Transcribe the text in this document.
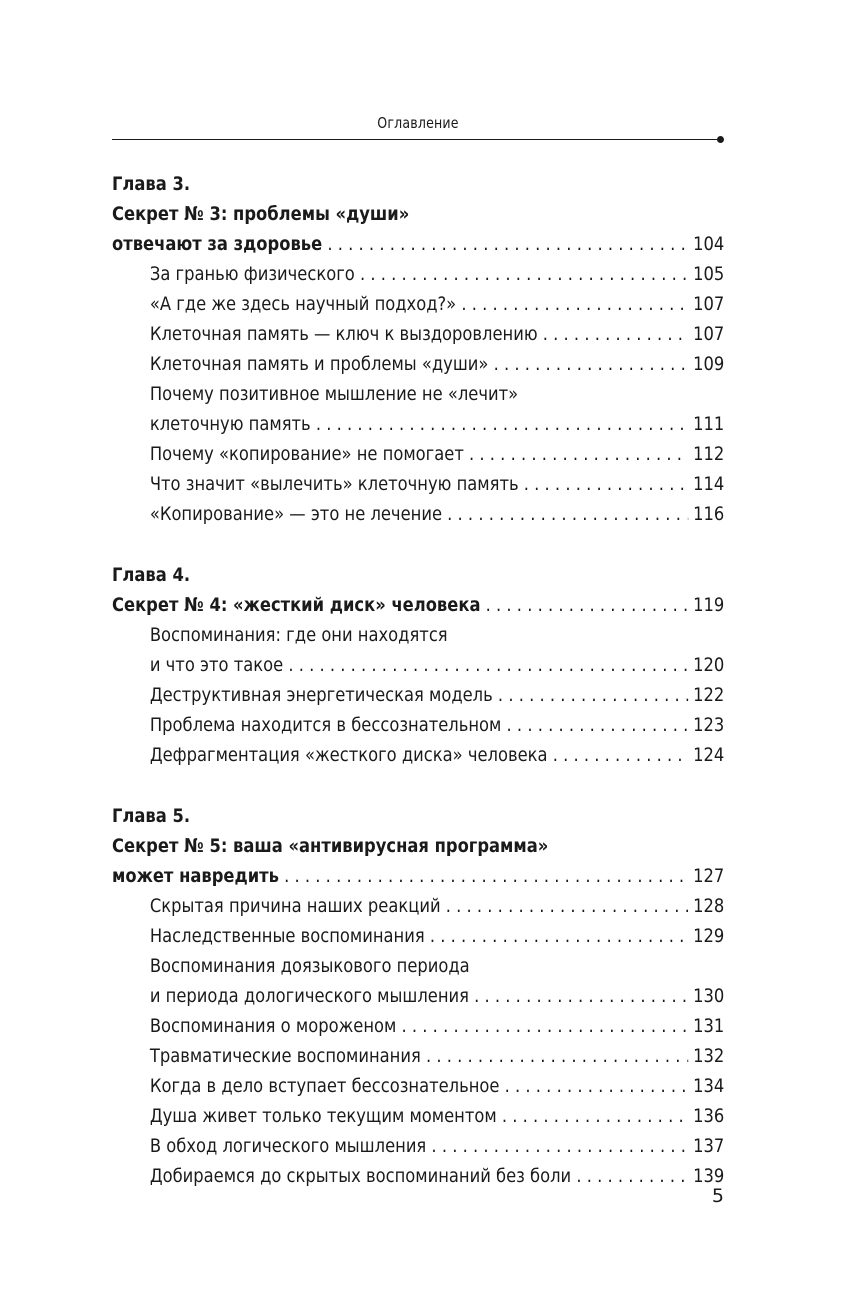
Оглавление
Глава 3.
Секрет № 3: проблемы «души»
отвечают за здоровье . . .	104
За гранью физического . . .	105
«А где же здесь научный подход?» . . .	107
Клеточная память — ключ к выздоровлению . . .	107
Клеточная память и проблемы «души» . . .	109
Почему позитивное мышление не «лечит»
клеточную память . . .	111
Почему «копирование» не помогает . . .	112
Что значит «вылечить» клеточную память . . .	114
«Копирование» — это не лечение . . .	116
Глава 4.
Секрет № 4: «жесткий диск» человека . . .	119
Воспоминания: где они находятся
и что это такое . . .	120
Деструктивная энергетическая модель . . .	122
Проблема находится в бессознательном . . .	123
Дефрагментация «жесткого диска» человека . . .	124
Глава 5.
Секрет № 5: ваша «антивирусная программа»
может навредить . . .	127
Скрытая причина наших реакций . . .	128
Наследственные воспоминания . . .	129
Воспоминания доязыкового периода
и периода дологического мышления . . .	130
Воспоминания о мороженом . . .	131
Травматические воспоминания . . .	132
Когда в дело вступает бессознательное . . .	134
Душа живет только текущим моментом . . .	136
В обход логического мышления . . .	137
Добираемся до скрытых воспоминаний без боли . . .	139
5
